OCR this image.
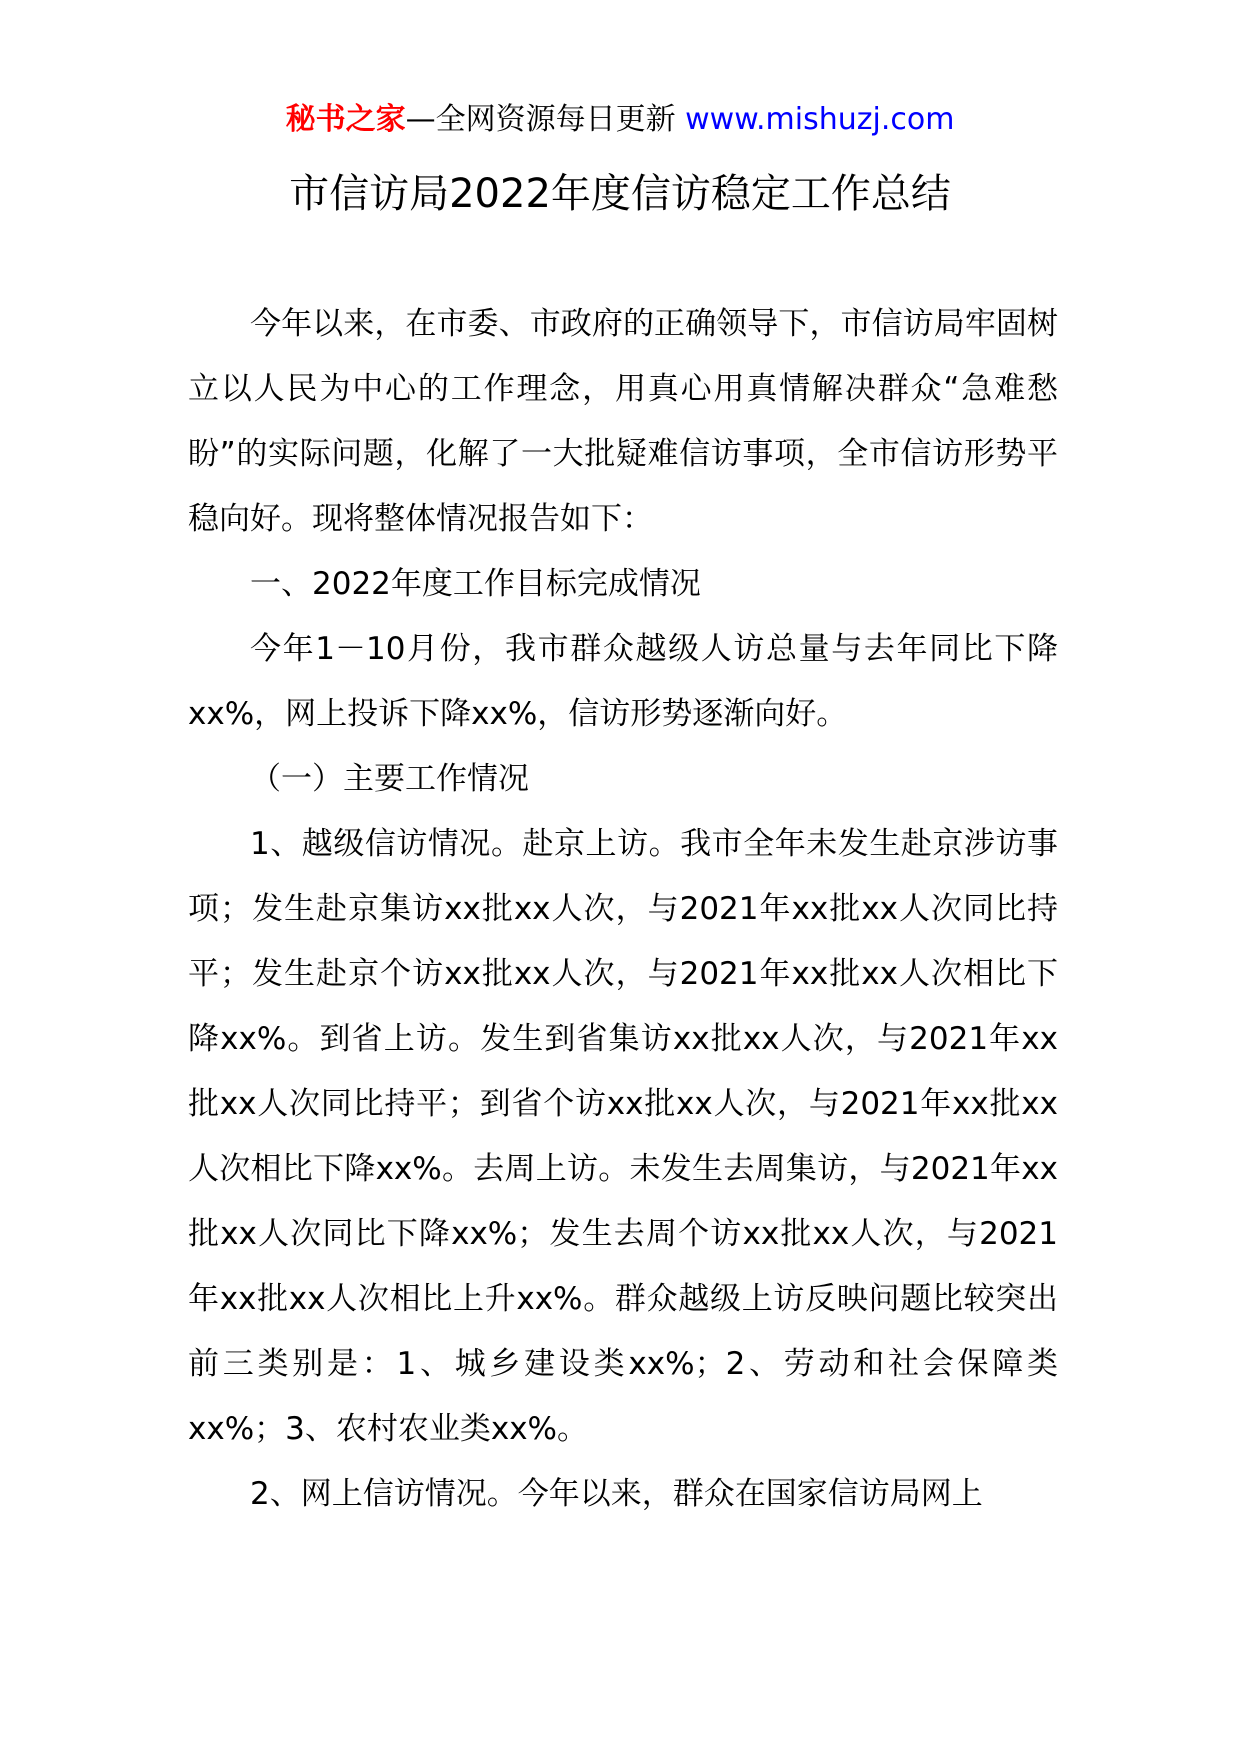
秘书之家—全网资源每日更新 www.mishuzj.com
市信访局2022年度信访稳定工作总结

今年以来，在市委、市政府的正确领导下，市信访局牢固树立以人民为中心的工作理念，用真心用真情解决群众“急难愁盼”的实际问题，化解了一大批疑难信访事项，全市信访形势平稳向好。现将整体情况报告如下：

一、2022年度工作目标完成情况

今年1－10月份，我市群众越级人访总量与去年同比下降xx%，网上投诉下降xx%，信访形势逐渐向好。

（一）主要工作情况

1、越级信访情况。赴京上访。我市全年未发生赴京涉访事项；发生赴京集访xx批xx人次，与2021年xx批xx人次同比持平；发生赴京个访xx批xx人次，与2021年xx批xx人次相比下降xx%。到省上访。发生到省集访xx批xx人次，与2021年xx批xx人次同比持平；到省个访xx批xx人次，与2021年xx批xx人次相比下降xx%。去周上访。未发生去周集访，与2021年xx批xx人次同比下降xx%；发生去周个访xx批xx人次，与2021年xx批xx人次相比上升xx%。群众越级上访反映问题比较突出前三类别是：1、城乡建设类xx%；2、劳动和社会保障类xx%；3、农村农业类xx%。

2、网上信访情况。今年以来，群众在国家信访局网上
